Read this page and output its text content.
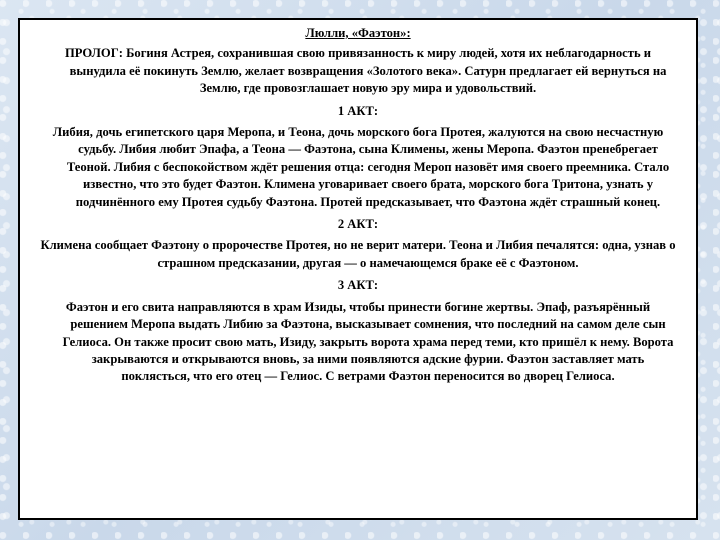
Люлли, «Фаэтон»:

ПРОЛОГ: Богиня Астрея, сохранившая свою привязанность к миру людей, хотя их неблагодарность и вынудила её покинуть Землю, желает возвращения «Золотого века». Сатурн предлагает ей вернуться на Землю, где провозглашает новую эру мира и удовольствий.

1 АКТ:

Либия, дочь египетского царя Меропа, и Теона, дочь морского бога Протея, жалуются на свою несчастную судьбу. Либия любит Эпафа, а Теона — Фаэтона, сына Климены, жены Меропа. Фаэтон пренебрегает Теоной. Либия с беспокойством ждёт решения отца: сегодня Мероп назовёт имя своего преемника. Стало известно, что это будет Фаэтон. Климена уговаривает своего брата, морского бога Тритона, узнать у подчинённого ему Протея судьбу Фаэтона. Протей предсказывает, что Фаэтона ждёт страшный конец.

2 АКТ:

Климена сообщает Фаэтону о пророчестве Протея, но не верит матери. Теона и Либия печалятся: одна, узнав о страшном предсказании, другая — о намечающемся браке её с Фаэтоном.

3 АКТ:

Фаэтон и его свита направляются в храм Изиды, чтобы принести богине жертвы. Эпаф, разъярённый решением Меропа выдать Либию за Фаэтона, высказывает сомнения, что последний на самом деле сын Гелиоса. Он также просит свою мать, Изиду, закрыть ворота храма перед теми, кто пришёл к нему. Ворота закрываются и открываются вновь, за ними появляются адские фурии. Фаэтон заставляет мать поклясться, что его отец — Гелиос. С ветрами Фаэтон переносится во дворец Гелиоса.
